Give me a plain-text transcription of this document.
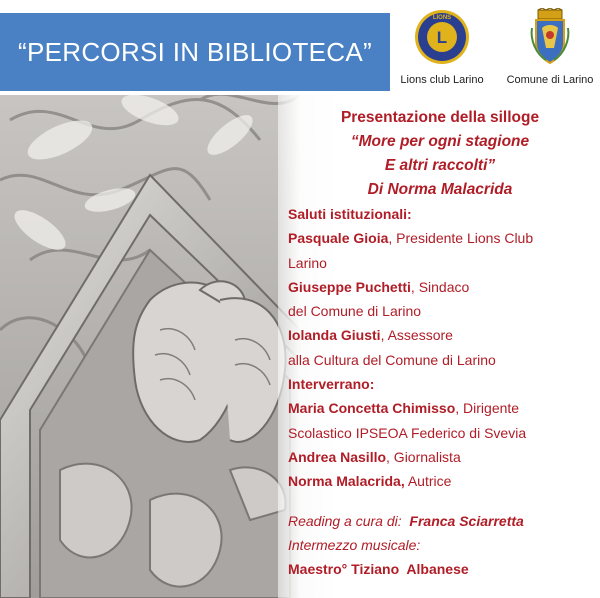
“PERCORSI IN BIBLIOTECA”	L
LIONS
Lions club Larino	Comune di Larino
Presentazione della silloge
“More per ogni stagione
E altri raccolti”
Di Norma Malacrida
Saluti istituzionali:
Pasquale Gioia, Presidente Lions Club
Larino
Giuseppe Puchetti, Sindaco
del Comune di Larino
Iolanda Giusti, Assessore
alla Cultura del Comune di Larino
Interverrano:
Maria Concetta Chimisso, Dirigente
Scolastico IPSEOA Federico di Svevia
Andrea Nasillo, Giornalista
Norma Malacrida, Autrice
Reading a cura di: Franca Sciarretta
Intermezzo musicale:
Maestro° Tiziano  Albanese
